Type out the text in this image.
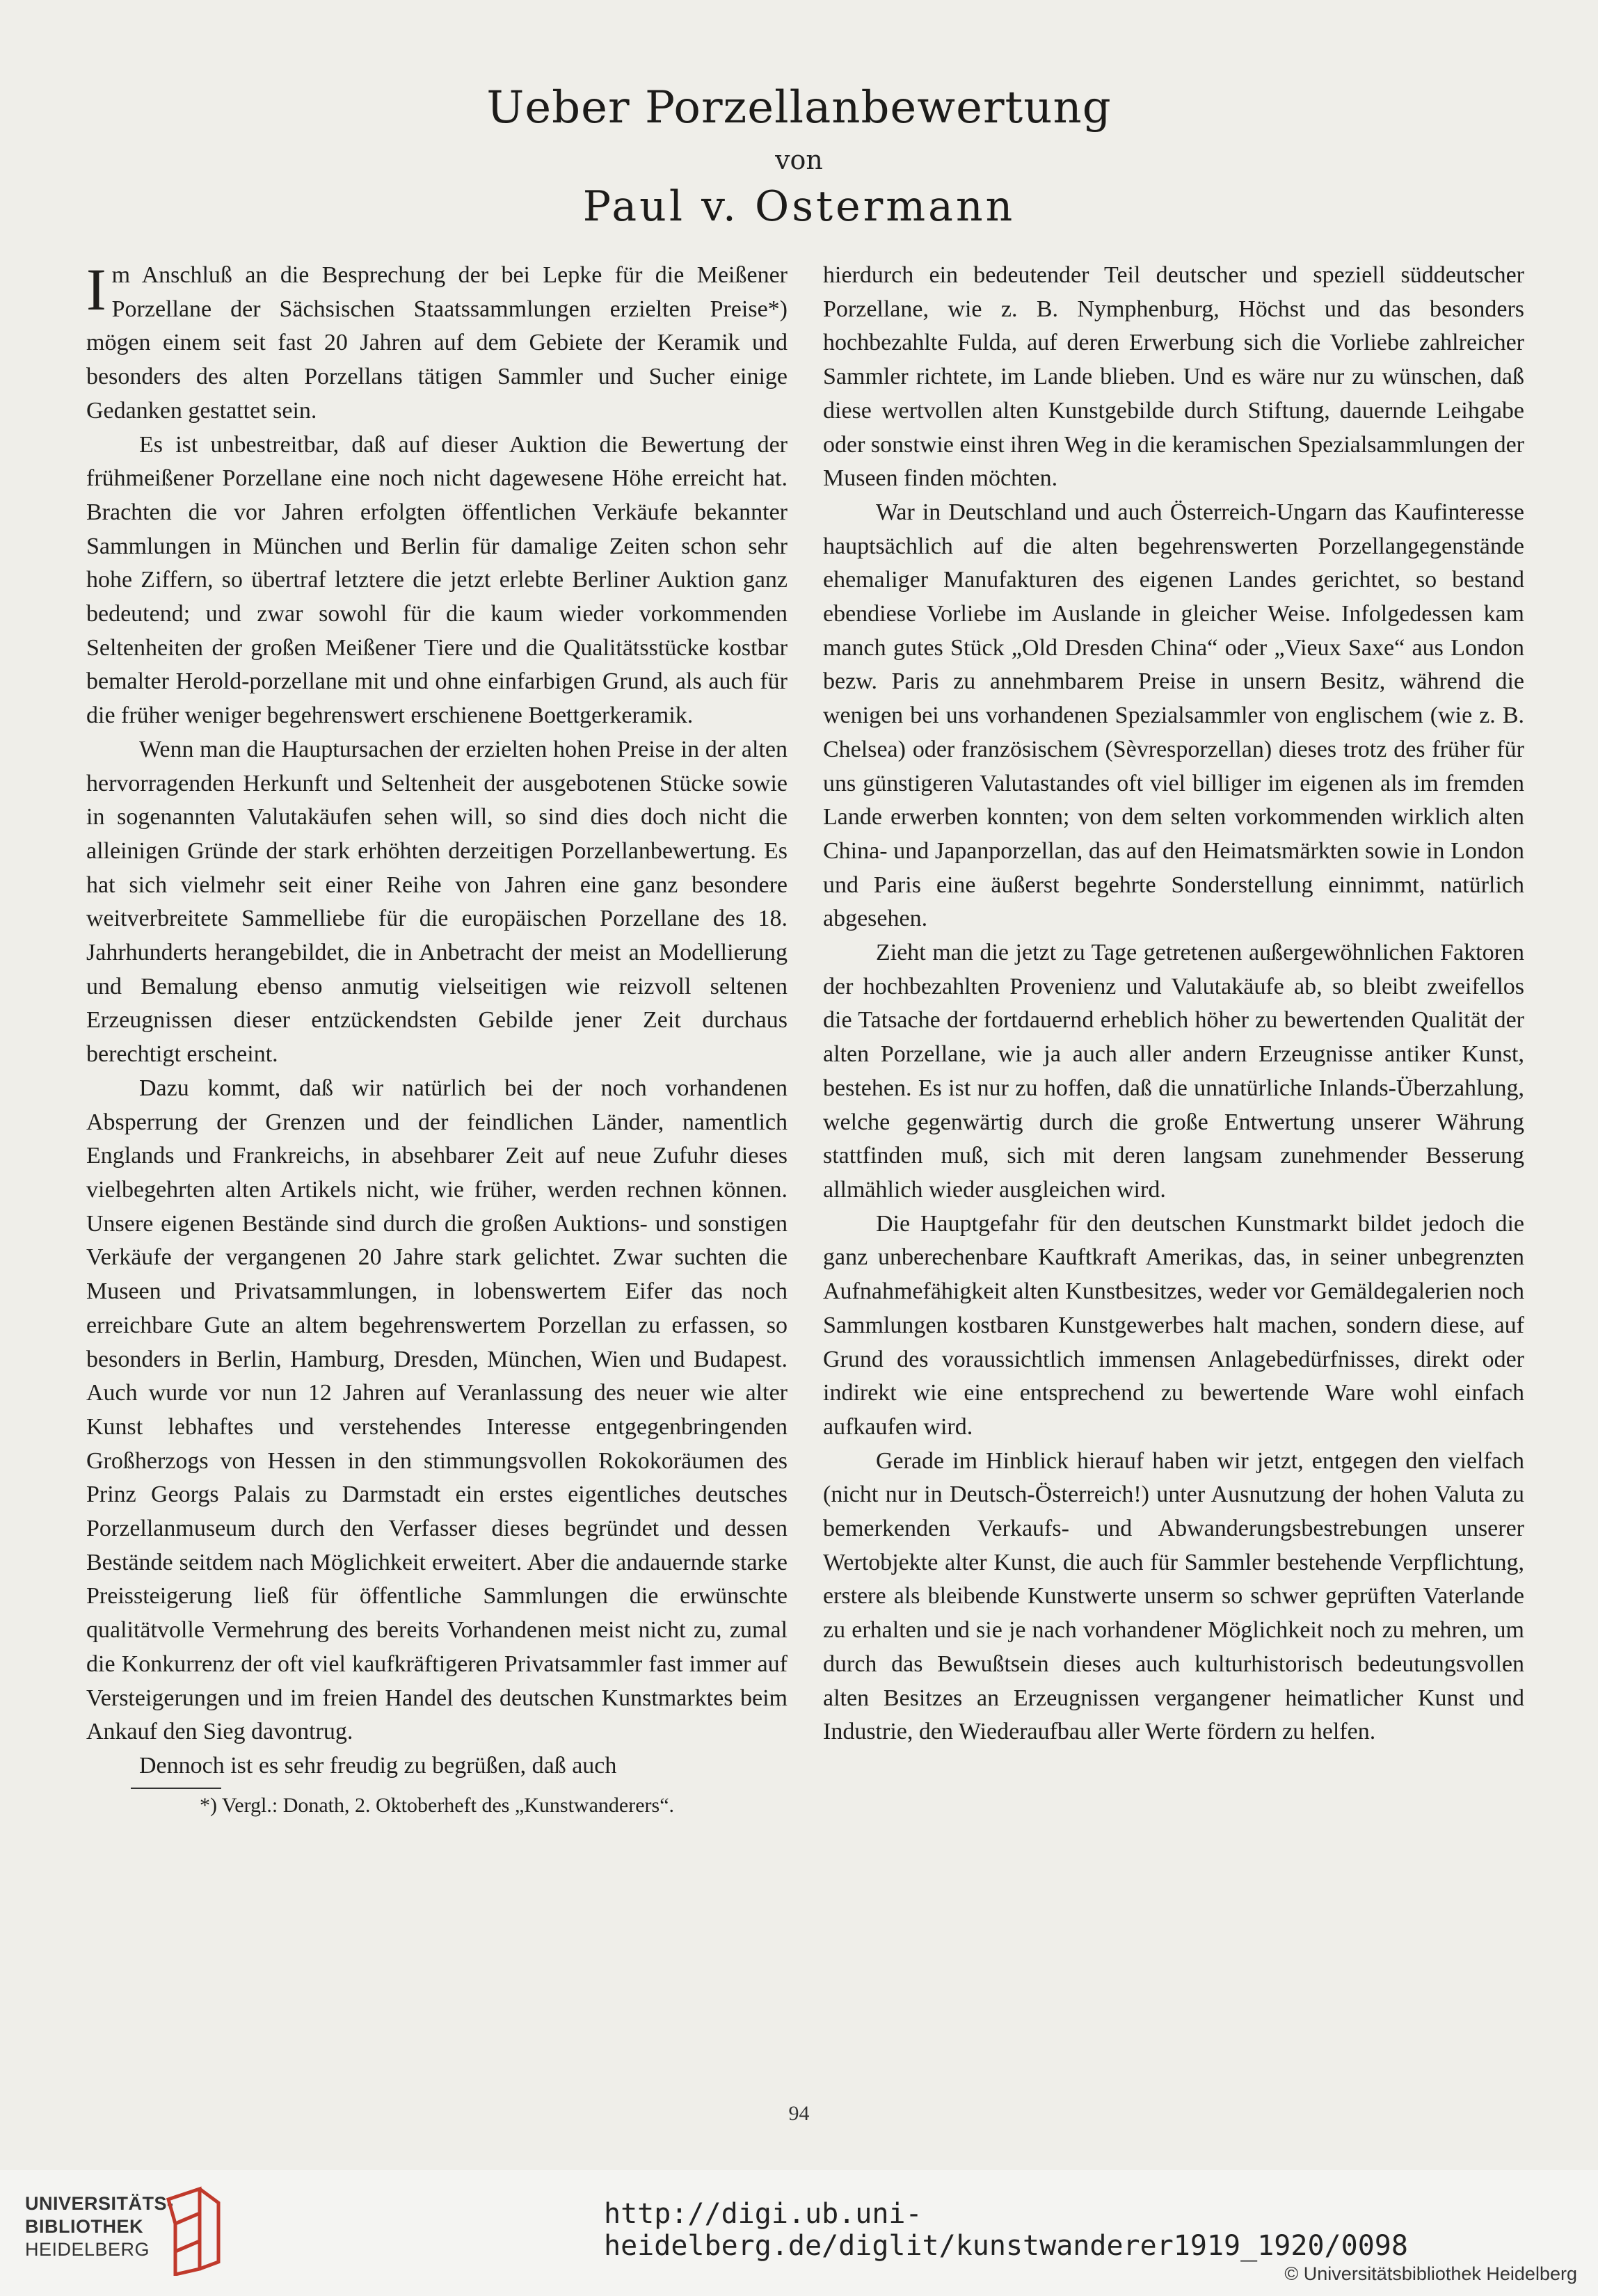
Ueber Porzellanbewertung
von
Paul v. Ostermann

Im Anschluß an die Besprechung der bei Lepke für die Meißener Porzellane der Sächsischen Staatssammlungen erzielten Preise*) mögen einem seit fast 20 Jahren auf dem Gebiete der Keramik und besonders des alten Porzellans tätigen Sammler und Sucher einige Gedanken gestattet sein.

Es ist unbestreitbar, daß auf dieser Auktion die Bewertung der frühmeißener Porzellane eine noch nicht dagewesene Höhe erreicht hat. Brachten die vor Jahren erfolgten öffentlichen Verkäufe bekannter Sammlungen in München und Berlin für damalige Zeiten schon sehr hohe Ziffern, so übertraf letztere die jetzt erlebte Berliner Auktion ganz bedeutend; und zwar sowohl für die kaum wieder vorkommenden Seltenheiten der großen Meißener Tiere und die Qualitätsstücke kostbar bemalter Herold-porzellane mit und ohne einfarbigen Grund, als auch für die früher weniger begehrenswert erschienene Boettgerkeramik.

Wenn man die Hauptursachen der erzielten hohen Preise in der alten hervorragenden Herkunft und Seltenheit der ausgebotenen Stücke sowie in sogenannten Valutakäufen sehen will, so sind dies doch nicht die alleinigen Gründe der stark erhöhten derzeitigen Porzellanbewertung. Es hat sich vielmehr seit einer Reihe von Jahren eine ganz besondere weitverbreitete Sammelliebe für die europäischen Porzellane des 18. Jahrhunderts herangebildet, die in Anbetracht der meist an Modellierung und Bemalung ebenso anmutig vielseitigen wie reizvoll seltenen Erzeugnissen dieser entzückendsten Gebilde jener Zeit durchaus berechtigt erscheint.

Dazu kommt, daß wir natürlich bei der noch vorhandenen Absperrung der Grenzen und der feindlichen Länder, namentlich Englands und Frankreichs, in absehbarer Zeit auf neue Zufuhr dieses vielbegehrten alten Artikels nicht, wie früher, werden rechnen können. Unsere eigenen Bestände sind durch die großen Auktions- und sonstigen Verkäufe der vergangenen 20 Jahre stark gelichtet. Zwar suchten die Museen und Privatsammlungen, in lobenswertem Eifer das noch erreichbare Gute an altem begehrenswertem Porzellan zu erfassen, so besonders in Berlin, Hamburg, Dresden, München, Wien und Budapest. Auch wurde vor nun 12 Jahren auf Veranlassung des neuer wie alter Kunst lebhaftes und verstehendes Interesse entgegenbringenden Großherzogs von Hessen in den stimmungsvollen Rokokoräumen des Prinz Georgs Palais zu Darmstadt ein erstes eigentliches deutsches Porzellanmuseum durch den Verfasser dieses begründet und dessen Bestände seitdem nach Möglichkeit erweitert. Aber die andauernde starke Preissteigerung ließ für öffentliche Sammlungen die erwünschte qualitätvolle Vermehrung des bereits Vorhandenen meist nicht zu, zumal die Konkurrenz der oft viel kaufkräftigeren Privatsammler fast immer auf Versteigerungen und im freien Handel des deutschen Kunstmarktes beim Ankauf den Sieg davontrug.

Dennoch ist es sehr freudig zu begrüßen, daß auch

*) Vergl.: Donath, 2. Oktoberheft des „Kunstwanderers“.

hierdurch ein bedeutender Teil deutscher und speziell süddeutscher Porzellane, wie z. B. Nymphenburg, Höchst und das besonders hochbezahlte Fulda, auf deren Erwerbung sich die Vorliebe zahlreicher Sammler richtete, im Lande blieben. Und es wäre nur zu wünschen, daß diese wertvollen alten Kunstgebilde durch Stiftung, dauernde Leihgabe oder sonstwie einst ihren Weg in die keramischen Spezialsammlungen der Museen finden möchten.

War in Deutschland und auch Österreich-Ungarn das Kaufinteresse hauptsächlich auf die alten begehrenswerten Porzellangegenstände ehemaliger Manufakturen des eigenen Landes gerichtet, so bestand ebendiese Vorliebe im Auslande in gleicher Weise. Infolgedessen kam manch gutes Stück „Old Dresden China“ oder „Vieux Saxe“ aus London bezw. Paris zu annehmbarem Preise in unsern Besitz, während die wenigen bei uns vorhandenen Spezialsammler von englischem (wie z. B. Chelsea) oder französischem (Sèvresporzellan) dieses trotz des früher für uns günstigeren Valutastandes oft viel billiger im eigenen als im fremden Lande erwerben konnten; von dem selten vorkommenden wirklich alten China- und Japanporzellan, das auf den Heimatsmärkten sowie in London und Paris eine äußerst begehrte Sonderstellung einnimmt, natürlich abgesehen.

Zieht man die jetzt zu Tage getretenen außergewöhnlichen Faktoren der hochbezahlten Provenienz und Valutakäufe ab, so bleibt zweifellos die Tatsache der fortdauernd erheblich höher zu bewertenden Qualität der alten Porzellane, wie ja auch aller andern Erzeugnisse antiker Kunst, bestehen. Es ist nur zu hoffen, daß die unnatürliche Inlands-Überzahlung, welche gegenwärtig durch die große Entwertung unserer Währung stattfinden muß, sich mit deren langsam zunehmender Besserung allmählich wieder ausgleichen wird.

Die Hauptgefahr für den deutschen Kunstmarkt bildet jedoch die ganz unberechenbare Kauftkraft Amerikas, das, in seiner unbegrenzten Aufnahmefähigkeit alten Kunstbesitzes, weder vor Gemäldegalerien noch Sammlungen kostbaren Kunstgewerbes halt machen, sondern diese, auf Grund des voraussichtlich immensen Anlagebedürfnisses, direkt oder indirekt wie eine entsprechend zu bewertende Ware wohl einfach aufkaufen wird.

Gerade im Hinblick hierauf haben wir jetzt, entgegen den vielfach (nicht nur in Deutsch-Österreich!) unter Ausnutzung der hohen Valuta zu bemerkenden Verkaufs- und Abwanderungsbestrebungen unserer Wertobjekte alter Kunst, die auch für Sammler bestehende Verpflichtung, erstere als bleibende Kunstwerte unserm so schwer geprüften Vaterlande zu erhalten und sie je nach vorhandener Möglichkeit noch zu mehren, um durch das Bewußtsein dieses auch kulturhistorisch bedeutungsvollen alten Besitzes an Erzeugnissen vergangener heimatlicher Kunst und Industrie, den Wiederaufbau aller Werte fördern zu helfen.

94
UNIVERSITÄTS-
BIBLIOTHEK
HEIDELBERG
http://digi.ub.uni-heidelberg.de/diglit/kunstwanderer1919_1920/0098
© Universitätsbibliothek Heidelberg
